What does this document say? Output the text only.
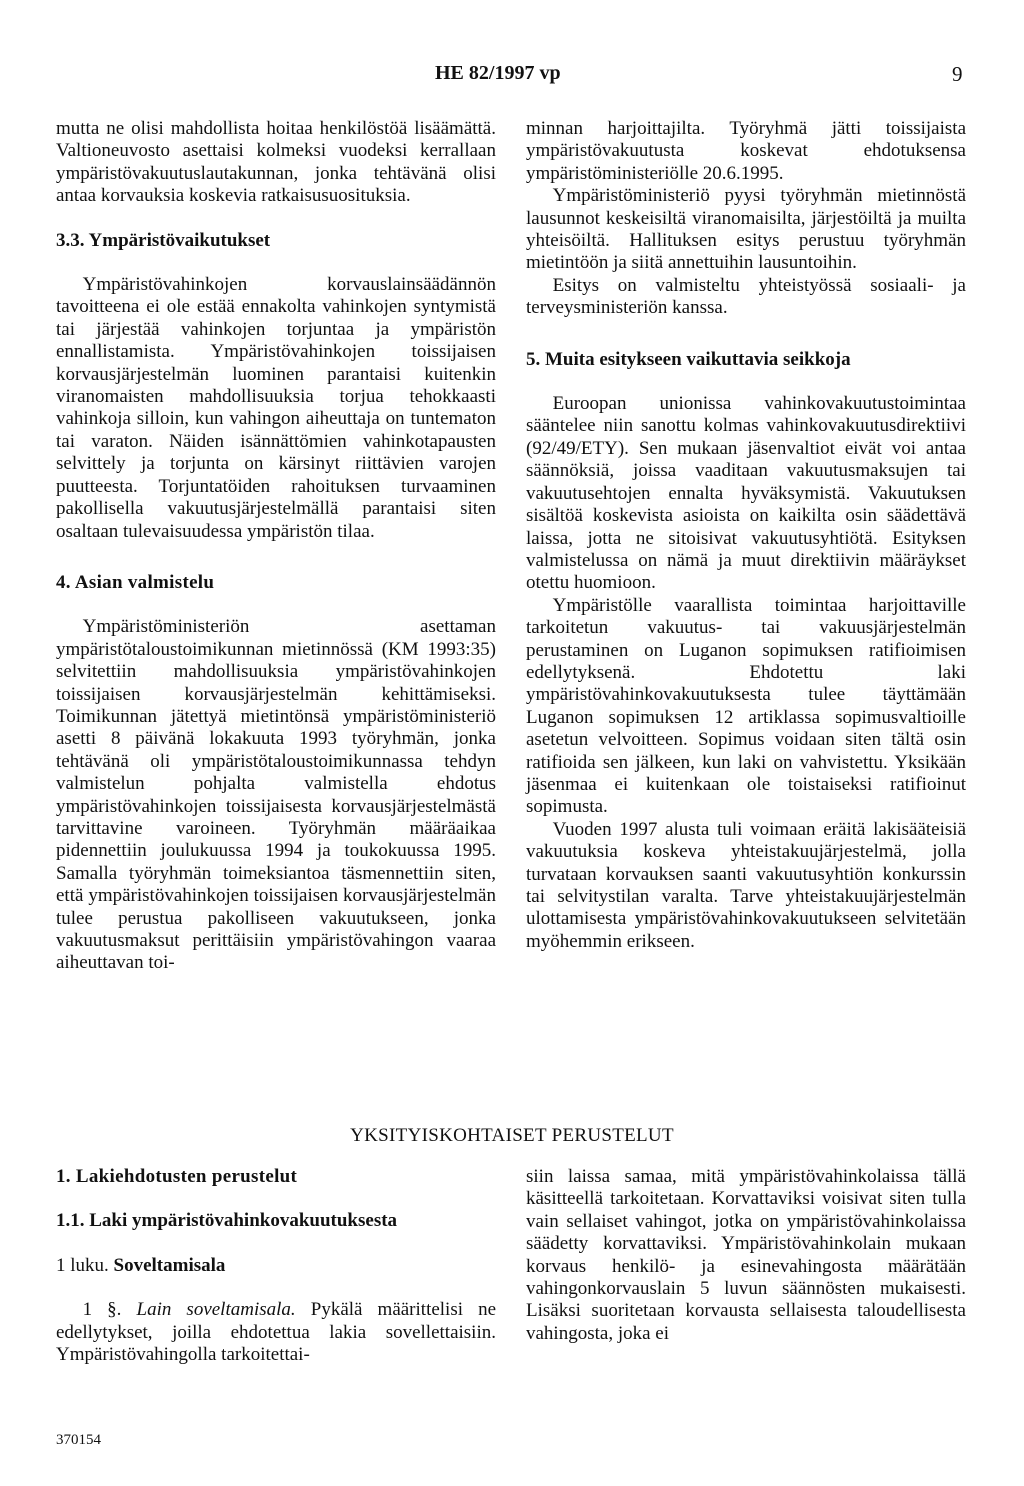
HE 82/1997 vp	9

mutta ne olisi mahdollista hoitaa henkilöstöä lisäämättä. Valtioneuvosto asettaisi kolmeksi vuodeksi kerrallaan ympäristövakuutuslautakunnan, jonka tehtävänä olisi antaa korvauksia koskevia ratkaisusuosituksia.

3.3. Ympäristövaikutukset

Ympäristövahinkojen korvauslainsäädännön tavoitteena ei ole estää ennakolta vahinkojen syntymistä tai järjestää vahinkojen torjuntaa ja ympäristön ennallistamista. Ympäristövahinkojen toissijaisen korvausjärjestelmän luominen parantaisi kuitenkin viranomaisten mahdollisuuksia torjua tehokkaasti vahinkoja silloin, kun vahingon aiheuttaja on tuntematon tai varaton. Näiden isännättömien vahinkotapausten selvittely ja torjunta on kärsinyt riittävien varojen puutteesta. Torjuntatöiden rahoituksen turvaaminen pakollisella vakuutusjärjestelmällä parantaisi siten osaltaan tulevaisuudessa ympäristön tilaa.

4. Asian valmistelu

Ympäristöministeriön asettaman ympäristötaloustoimikunnan mietinnössä (KM 1993:35) selvitettiin mahdollisuuksia ympäristövahinkojen toissijaisen korvausjärjestelmän kehittämiseksi. Toimikunnan jätettyä mietintönsä ympäristöministeriö asetti 8 päivänä lokakuuta 1993 työryhmän, jonka tehtävänä oli ympäristötaloustoimikunnassa tehdyn valmistelun pohjalta valmistella ehdotus ympäristövahinkojen toissijaisesta korvausjärjestelmästä tarvittavine varoineen. Työryhmän määräaikaa pidennettiin joulukuussa 1994 ja toukokuussa 1995. Samalla työryhmän toimeksiantoa täsmennettiin siten, että ympäristövahinkojen toissijaisen korvausjärjestelmän tulee perustua pakolliseen vakuutukseen, jonka vakuutusmaksut perittäisiin ympäristövahingon vaaraa aiheuttavan toi-

minnan harjoittajilta. Työryhmä jätti toissijaista ympäristövakuutusta koskevat ehdotuksensa ympäristöministeriölle 20.6.1995.

Ympäristöministeriö pyysi työryhmän mietinnöstä lausunnot keskeisiltä viranomaisilta, järjestöiltä ja muilta yhteisöiltä. Hallituksen esitys perustuu työryhmän mietintöön ja siitä annettuihin lausuntoihin.

Esitys on valmisteltu yhteistyössä sosiaali- ja terveysministeriön kanssa.

5. Muita esitykseen vaikuttavia seikkoja

Euroopan unionissa vahinkovakuutustoimintaa sääntelee niin sanottu kolmas vahinkovakuutusdirektiivi (92/49/ETY). Sen mukaan jäsenvaltiot eivät voi antaa säännöksiä, joissa vaaditaan vakuutusmaksujen tai vakuutusehtojen ennalta hyväksymistä. Vakuutuksen sisältöä koskevista asioista on kaikilta osin säädettävä laissa, jotta ne sitoisivat vakuutusyhtiötä. Esityksen valmistelussa on nämä ja muut direktiivin määräykset otettu huomioon.

Ympäristölle vaarallista toimintaa harjoittaville tarkoitetun vakuutus- tai vakuusjärjestelmän perustaminen on Luganon sopimuksen ratifioimisen edellytyksenä. Ehdotettu laki ympäristövahinkovakuutuksesta tulee täyttämään Luganon sopimuksen 12 artiklassa sopimusvaltioille asetetun velvoitteen. Sopimus voidaan siten tältä osin ratifioida sen jälkeen, kun laki on vahvistettu. Yksikään jäsenmaa ei kuitenkaan ole toistaiseksi ratifioinut sopimusta.

Vuoden 1997 alusta tuli voimaan eräitä lakisääteisiä vakuutuksia koskeva yhteistakuujärjestelmä, jolla turvataan korvauksen saanti vakuutusyhtiön konkurssin tai selvitystilan varalta. Tarve yhteistakuujärjestelmän ulottamisesta ympäristövahinkovakuutukseen selvitetään myöhemmin erikseen.

YKSITYISKOHTAISET PERUSTELUT

1. Lakiehdotusten perustelut

1.1. Laki ympäristövahinkovakuutuksesta

1 luku. Soveltamisala

1 §. Lain soveltamisala. Pykälä määrittelisi ne edellytykset, joilla ehdotettua lakia sovellettaisiin. Ympäristövahingolla tarkoitettai-

siin laissa samaa, mitä ympäristövahinkolaissa tällä käsitteellä tarkoitetaan. Korvattaviksi voisivat siten tulla vain sellaiset vahingot, jotka on ympäristövahinkolaissa säädetty korvattaviksi. Ympäristövahinkolain mukaan korvaus henkilö- ja esinevahingosta määrätään vahingonkorvauslain 5 luvun säännösten mukaisesti. Lisäksi suoritetaan korvausta sellaisesta taloudellisesta vahingosta, joka ei

370154
